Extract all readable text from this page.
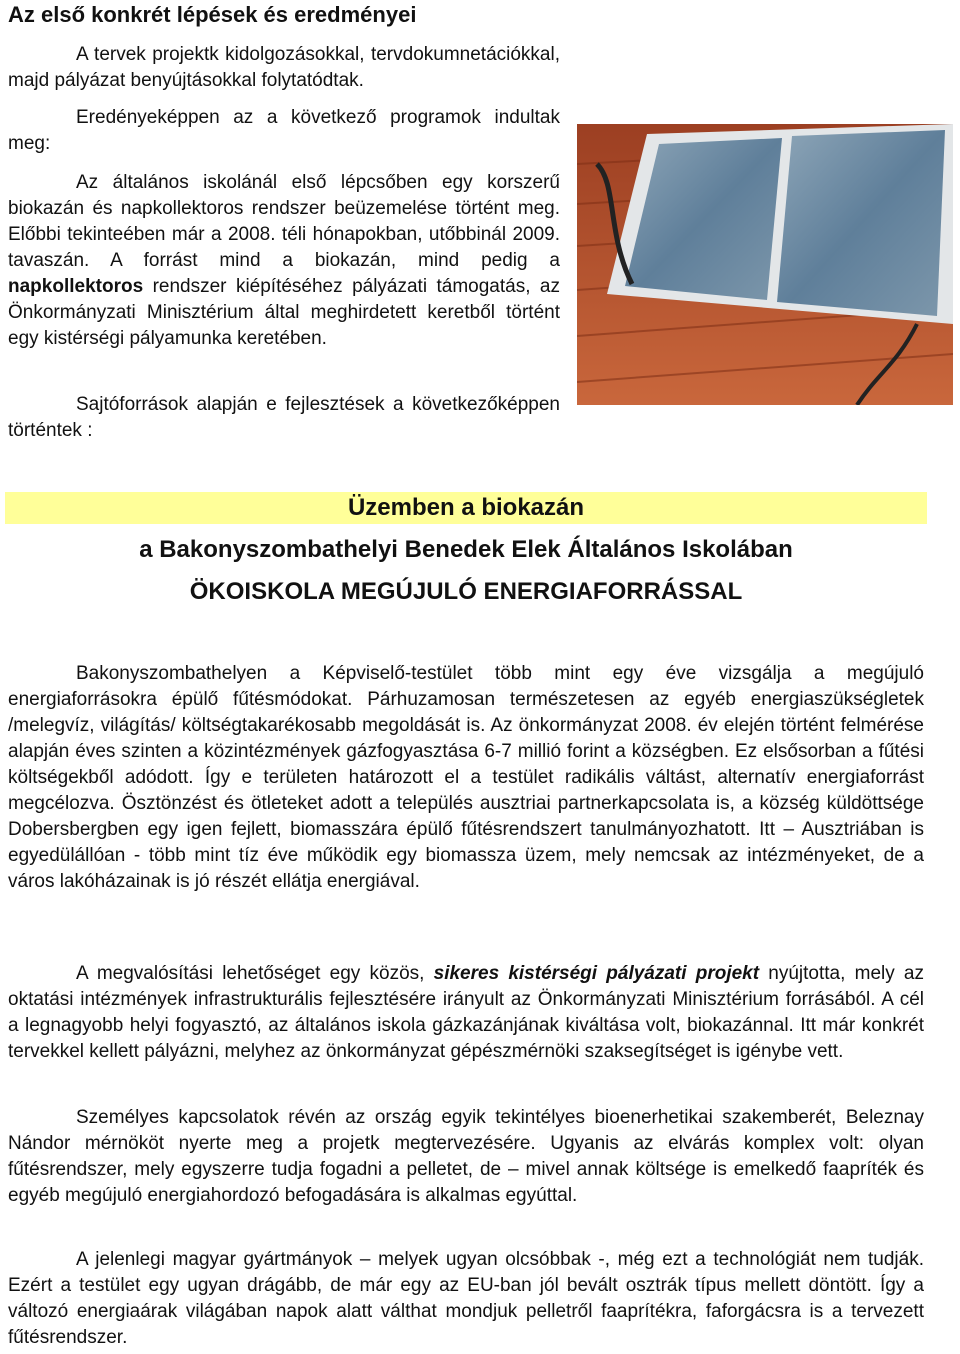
Az első konkrét lépések és eredményei

A tervek projektk kidolgozásokkal, tervdokumnetációkkal, majd pályázat benyújtásokkal folytatódtak.

Eredényeképpen az a következő programok indultak meg:

Az általános iskolánál első lépcsőben egy korszerű biokazán és napkollektoros rendszer beüzemelése történt meg. Előbbi tekinteében már a 2008. téli hónapokban, utőbbinál 2009. tavaszán. A forrást mind a biokazán, mind pedig a napkollektoros rendszer kiépítéséhez pályázati támogatás, az Önkormányzati Minisztérium által meghirdetett keretből történt egy kistérségi pályamunka keretében.

Sajtóforrások alapján e fejlesztések a következőképpen történtek :

Üzemben a biokazán
a Bakonyszombathelyi Benedek Elek Általános Iskolában
ÖKOISKOLA MEGÚJULÓ ENERGIAFORRÁSSAL

Bakonyszombathelyen a Képviselő-testület több mint egy éve vizsgálja a megújuló energiaforrásokra épülő fűtésmódokat. Párhuzamosan természetesen az egyéb energiaszükségletek /melegvíz, világítás/ költségtakarékosabb megoldását is. Az önkormányzat 2008. év elején történt felmérése alapján éves szinten a közintézmények gázfogyasztása 6-7 millió forint a községben. Ez elsősorban a fűtési költségekből adódott. Így e területen határozott el a testület radikális váltást, alternatív energiaforrást megcélozva. Ösztönzést és ötleteket adott a település ausztriai partnerkapcsolata is, a község küldöttsége Dobersbergben egy igen fejlett, biomasszára épülő fűtésrendszert tanulmányozhatott. Itt – Ausztriában is egyedülállóan - több mint tíz éve működik egy biomassza üzem, mely nemcsak az intézményeket, de a város lakóházainak is jó részét ellátja energiával.

A megvalósítási lehetőséget egy közös, sikeres kistérségi pályázati projekt nyújtotta, mely az oktatási intézmények infrastrukturális fejlesztésére irányult az Önkormányzati Minisztérium forrásából. A cél a legnagyobb helyi fogyasztó, az általános iskola gázkazánjának kiváltása volt, biokazánnal. Itt már konkrét tervekkel kellett pályázni, melyhez az önkormányzat gépészmérnöki szaksegítséget is igénybe vett.

Személyes kapcsolatok révén az ország egyik tekintélyes bioenerhetikai szakemberét, Beleznay Nándor mérnököt nyerte meg a projetk megtervezésére. Ugyanis az elvárás komplex volt: olyan fűtésrendszer, mely egyszerre tudja fogadni a pelletet, de – mivel annak költsége is emelkedő faapríték és egyéb megújuló energiahordozó befogadására is alkalmas egyúttal.

A jelenlegi magyar gyártmányok – melyek ugyan olcsóbbak -, még ezt a technológiát nem tudják. Ezért a testület egy ugyan drágább, de már egy az EU-ban jól bevált osztrák típus mellett döntött. Így a változó energiaárak világában napok alatt válthat mondjuk pelletről faaprítékra, faforgácsra is a tervezett fűtésrendszer.
